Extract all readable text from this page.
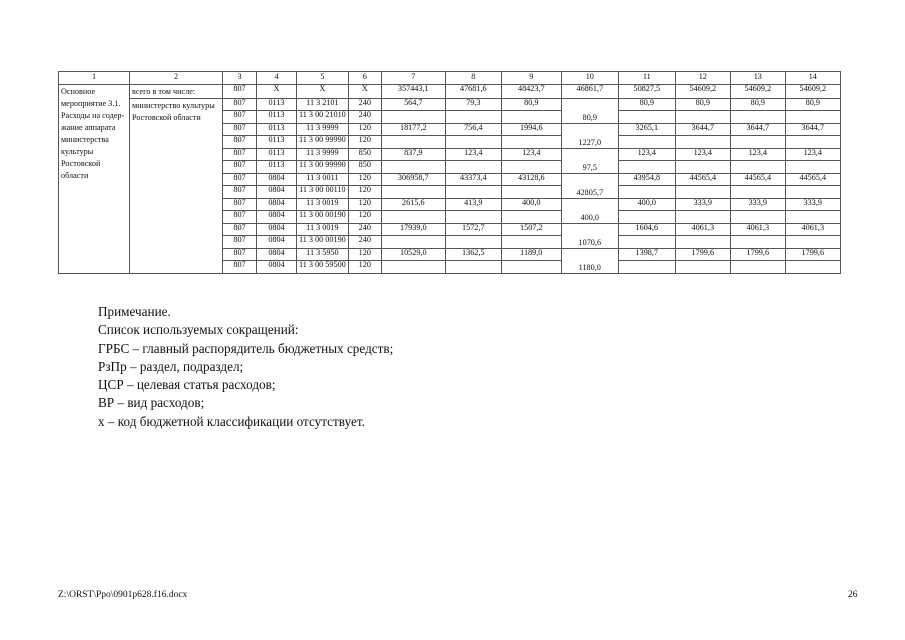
1	2	3	4	5	6	7	8	9	10	11	12	13	14
Основное мероприятие 3.1. Расходы на содер-жание аппарата министерства культуры Ростовской области	всего в том числе:	807	X	X	X	357443,1	47681,6	48423,7	46861,7	50827,5	54609,2	54609,2	54609,2

	министерство культуры Ростовской области	807	0113	11 3 2101	240	564,7	79,3	80,9	80,9	80,9	80,9	80,9	80,9
		807	0113	11 3 00 21010	240								
		807	0113	11 3 9999	120	18177,2	756,4	1994,6	1227,0	3265,1	3644,7	3644,7	3644,7
		807	0113	11 3 00 99990	120								
		807	0113	11 3 9999	850	837,9	123,4	123,4	97,5	123,4	123,4	123,4	123,4
		807	0113	11 3 00 99990	850								
		807	0804	11 3 0011	120	306958,7	43373,4	43128,6	42805,7	43954,8	44565,4	44565,4	44565,4
		807	0804	11 3 00 00110	120								
		807	0804	11 3 0019	120	2615,6	413,9	400,0	400,0	400,0	333,9	333,9	333,9
		807	0804	11 3 00 00190	120								
		807	0804	11 3 0019	240	17939,0	1572,7	1507,2	1070,6	1604,6	4061,3	4061,3	4061,3
		807	0804	11 3 00 00190	240								
		807	0804	11 3 5950	120	10529,0	1362,5	1189,0	1180,0	1398,7	1799,6	1799,6	1799,6
		807	0804	11 3 00 59500	120								
Примечание.
Список используемых сокращений:
ГРБС – главный распорядитель бюджетных средств;
РзПр – раздел, подраздел;
ЦСР – целевая статья расходов;
ВР – вид расходов;
х – код бюджетной классификации отсутствует.
Z:\ORST\Ppo\0901p628.f16.docx	26
